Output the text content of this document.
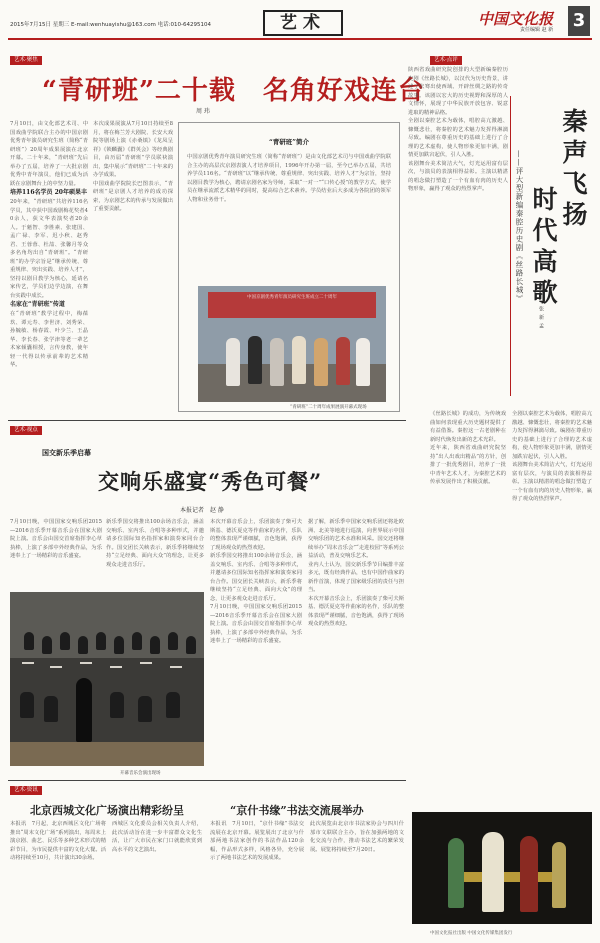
2015年7月15日 星期三 E-mail:wenhuayishu@163.com 电话:010-64295104	艺术	中国文化报
责任编辑 赵 新 3
艺术·聚焦
“青研班”二十载　名角好戏连台
周 玮

7月10日，由文化部艺术司、中国戏曲学院联合主办的中国京剧优秀青年演员研究生班（简称“青研班”）20周年成果展演在北京开幕。二十年来，“青研班”先后举办了五届，培养了一大批京剧优秀中青年演员，他们已成为活跃在京剧舞台上的中坚力量。

培养116名学员 20年硕果丰

20年来，“青研班”共培养116名学员，其中获中国戏剧梅花奖者40余人，获文华表演奖者20余人。于魁智、李胜素、张建国、孟广禄、李军、迟小秋、赵秀君、王蓉蓉、杜喆、张馨月等众多名角均出自“青研班”。“青研班”的办学宗旨是“继承传统、尊重规律、突出实践、培养人才”，坚持以剧目教学为核心，延请名家传艺，学员们边学边演，在舞台实践中成长。

名家在“青研班”传道

在“青研班”教学过程中，梅葆玖、谭元寿、李世济、刘秀荣、孙毓敏、杨春霞、叶少兰、王晶华、李长春、张学津等老一辈艺术家倾囊相授，言传身教，使年轻一代得以传承前辈的艺术精华。

本次成果展演从7月10日持续至8月，将在梅兰芳大剧院、长安大戏院等剧场上演《赤桑镇》《龙凤呈祥》《锁麟囊》《群英会》等经典剧目，由历届“青研班”学员联袂演出，集中展示“青研班”二十年来的办学成果。

中国戏曲学院院长巴图表示，“青研班”是京剧人才培养的成功探索，为京剧艺术的传承与发展做出了重要贡献。

“青研班”简介

中国京剧优秀青年演员研究生班（简称“青研班”）是由文化部艺术司与中国戏曲学院联合主办的高层次京剧表演人才培养项目，1996年开办第一届，至今已举办五届，共培养学员116名。“青研班”以“继承传统、尊重规律、突出实践、培养人才”为宗旨，坚持以剧目教学为核心，聘请京剧名家为导师，采取“一对一”“口传心授”的教学方式，使学员在继承流派艺术精华的同时，提高综合艺术素养。学员结业后大多成为各院团的领军人物和业务骨干。

中国京剧优秀青年演员研究生班成立二十周年
“青研班”二十周年成果展演开幕式现场
艺术·点评

陕西省戏曲研究院创排的大型新编秦腔历史剧《丝路长城》，以汉代为历史背景，讲述了张骞出使西域、开辟丝绸之路的传奇故事。该剧以宏大的历史视野和深厚的人文情怀，展现了中华民族开放包容、锐意进取的精神品格。

全剧以秦腔艺术为载体，唱腔高亢激越、慷慨悲壮，将秦腔的艺术魅力发挥得淋漓尽致。编剧在尊重历史的基础上进行了合理的艺术虚构，使人物形象更加丰满，剧情更加跌宕起伏，引人入胜。

该剧舞台美术简洁大气，灯光运用富有层次，与演员的表演相得益彰。主演以精湛的唱念做打塑造了一个有血有肉的历史人物形象，赢得了观众的热烈掌声。	秦声飞扬
时代高歌
——评大型新编秦腔历史剧《丝路长城》
张 新 孟

《丝路长城》的成功，为传统戏曲如何表现重大历史题材提供了有益借鉴。秦腔这一古老剧种在新时代焕发出新的艺术光彩。

近年来，陕西省戏曲研究院坚持“出人出戏出精品”的方针，创排了一批优秀剧目，培养了一批中青年艺术人才，为秦腔艺术的传承发展作出了积极贡献。

全剧以秦腔艺术为载体，唱腔高亢激越、慷慨悲壮，将秦腔的艺术魅力发挥得淋漓尽致。编剧在尊重历史的基础上进行了合理的艺术虚构，使人物形象更加丰满，剧情更加跌宕起伏，引人入胜。

该剧舞台美术简洁大气，灯光运用富有层次，与演员的表演相得益彰。主演以精湛的唱念做打塑造了一个有血有肉的历史人物形象，赢得了观众的热烈掌声。

艺术·视点
国交新乐季启幕
交响乐盛宴“秀色可餐”
本报记者　赵 静

7月10日晚，中国国家交响乐团2015—2016音乐季开幕音乐会在国家大剧院上演。音乐会由国交首席指挥李心草执棒，上演了多部中外经典作品，为乐迷奉上了一场精彩的音乐盛宴。

新乐季国交将推出100余场音乐会，涵盖交响乐、室内乐、合唱等多种形式，并邀请多位国际知名指挥家和演奏家同台合作。国交团长关峡表示，新乐季将继续坚持“立足经典、面向大众”的理念，让更多观众走进音乐厅。

本次开幕音乐会上，乐团演奏了柴可夫斯基、德沃夏克等作曲家的名作，乐队的整体表现严谨细腻，音色饱满，获得了现场观众的热烈欢迎。

新乐季国交将推出100余场音乐会，涵盖交响乐、室内乐、合唱等多种形式，并邀请多位国际知名指挥家和演奏家同台合作。国交团长关峡表示，新乐季将继续坚持“立足经典、面向大众”的理念，让更多观众走进音乐厅。

7月10日晚，中国国家交响乐团2015—2016音乐季开幕音乐会在国家大剧院上演。音乐会由国交首席指挥李心草执棒，上演了多部中外经典作品，为乐迷奉上了一场精彩的音乐盛宴。

据了解，新乐季中国家交响乐团还将赴欧洲、北美等地进行巡演，向世界展示中国交响乐团的艺术水准和风采。国交还将继续举办“周末音乐会”“走进校园”等系列公益活动，普及交响乐艺术。

业内人士认为，国交新乐季节目编排丰富多元，既有经典作品，也有中国作曲家的新作首演，体现了国家级乐团的责任与担当。

本次开幕音乐会上，乐团演奏了柴可夫斯基、德沃夏克等作曲家的名作，乐队的整体表现严谨细腻，音色饱满，获得了现场观众的热烈欢迎。

开幕音乐会演出现场
艺术·资讯
北京西城文化广场演出精彩纷呈

本报讯　7月起，北京西城区文化广场将推出“周末文化广场”系列演出，每周末上演京剧、曲艺、民乐等多种艺术形式的精彩节目，为市民提供丰富的文化大餐。活动将持续至10月，共计演出30余场。

西城区文化委员会相关负责人介绍，此次活动旨在进一步丰富群众文化生活，让广大市民在家门口就能欣赏到高水平的文艺演出。

“京什书缘”书法交流展举办

本报讯　7月10日，“京什书缘”书法交流展在北京开幕。展览展出了北京与什邡两地书法家创作的书法作品120余幅，作品形式多样，风格各异，充分展示了两地书法艺术的发展成果。

此次展览由北京市书法家协会与四川什邡市文联联合主办，旨在加强两地的文化交流与合作，推动书法艺术的繁荣发展。展览将持续至7月20日。

中国文化报社出版 中国文化传媒集团发行
